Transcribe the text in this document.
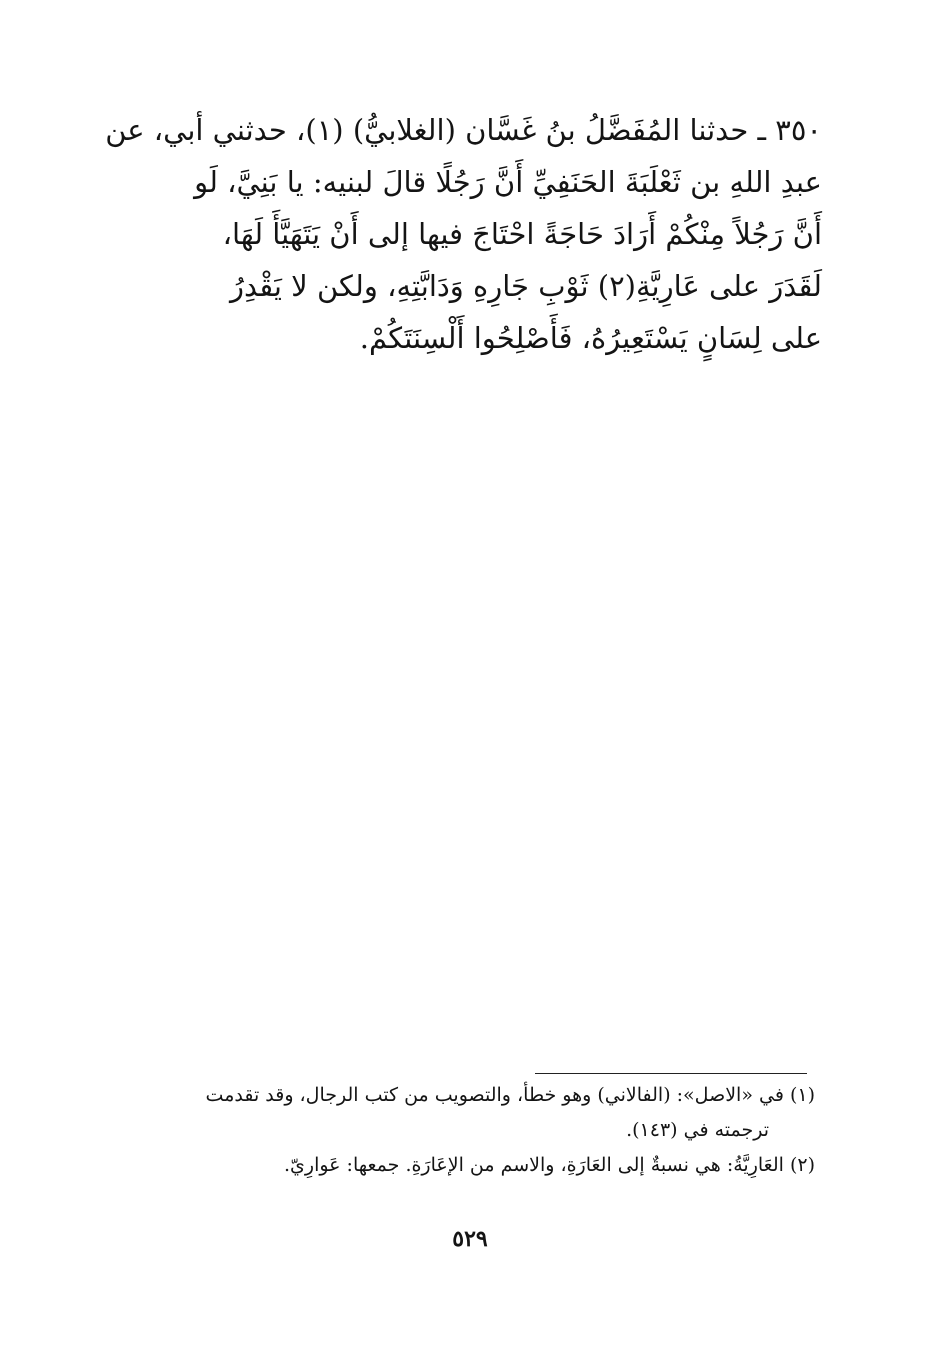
٣٥٠ ـ حدثنا المُفَضَّلُ بنُ غَسَّان (الغلابيُّ) (١)، حدثني أبي، عن
عبدِ اللهِ بن ثَعْلَبَةَ الحَنَفِيِّ أَنَّ رَجُلًا قالَ لبنيه: يا بَنِيَّ، لَو
أَنَّ رَجُلاً مِنْكُمْ أَرَادَ حَاجَةً احْتَاجَ فيها إلى أَنْ يَتَهَيَّأَ لَهَا،
لَقَدَرَ على عَارِيَّةِ(٢) ثَوْبِ جَارِهِ وَدَابَّتِهِ، ولكن لا يَقْدِرُ
على لِسَانٍ يَسْتَعِيرُهُ، فَأَصْلِحُوا أَلْسِنَتَكُمْ.
(١) في «الاصل»: (الفالاني) وهو خطأ، والتصويب من كتب الرجال، وقد تقدمت
ترجمته في (١٤٣).
(٢) العَارِيَّةُ: هي نسبةٌ إلى العَارَةِ، والاسم من الإعَارَةِ. جمعها: عَوارِيّ.
٥٢٩
